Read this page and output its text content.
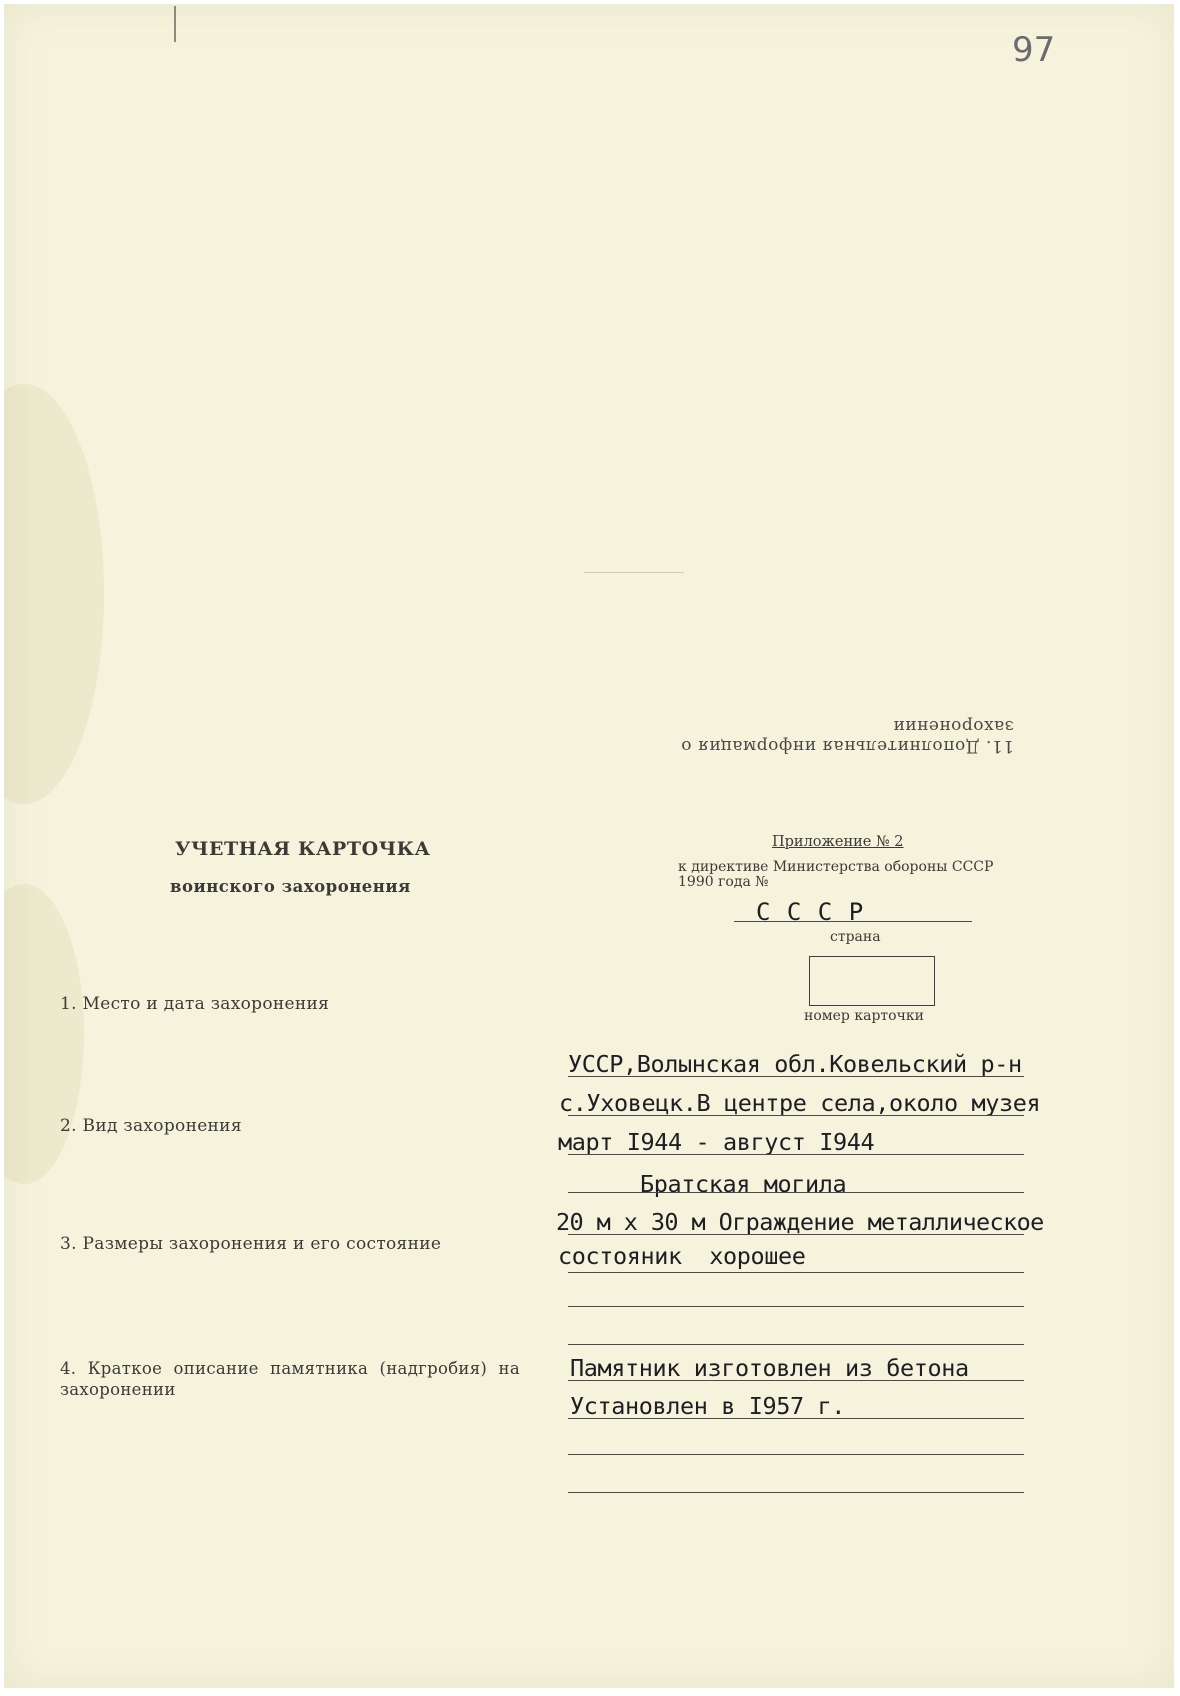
97
11. Дополнительная информация о захоронении
УЧЕТНАЯ КАРТОЧКА
воинского захоронения
Приложение № 2
к директиве Министерства обороны СССР
1990 года №
С С С Р
страна
номер карточки
1. Место и дата захоронения
2. Вид захоронения
3. Размеры захоронения и его состояние
4. Краткое описание памятника (надгробия) на захоронении
УССР,Волынская обл.Ковельский р-н
с.Уховецк.В центре села,около музея
март I944 - август I944
Братская могила
20 м х 30 м Ограждение металлическое
состояник  хорошее
Памятник изготовлен из бетона
Установлен в I957 г.
